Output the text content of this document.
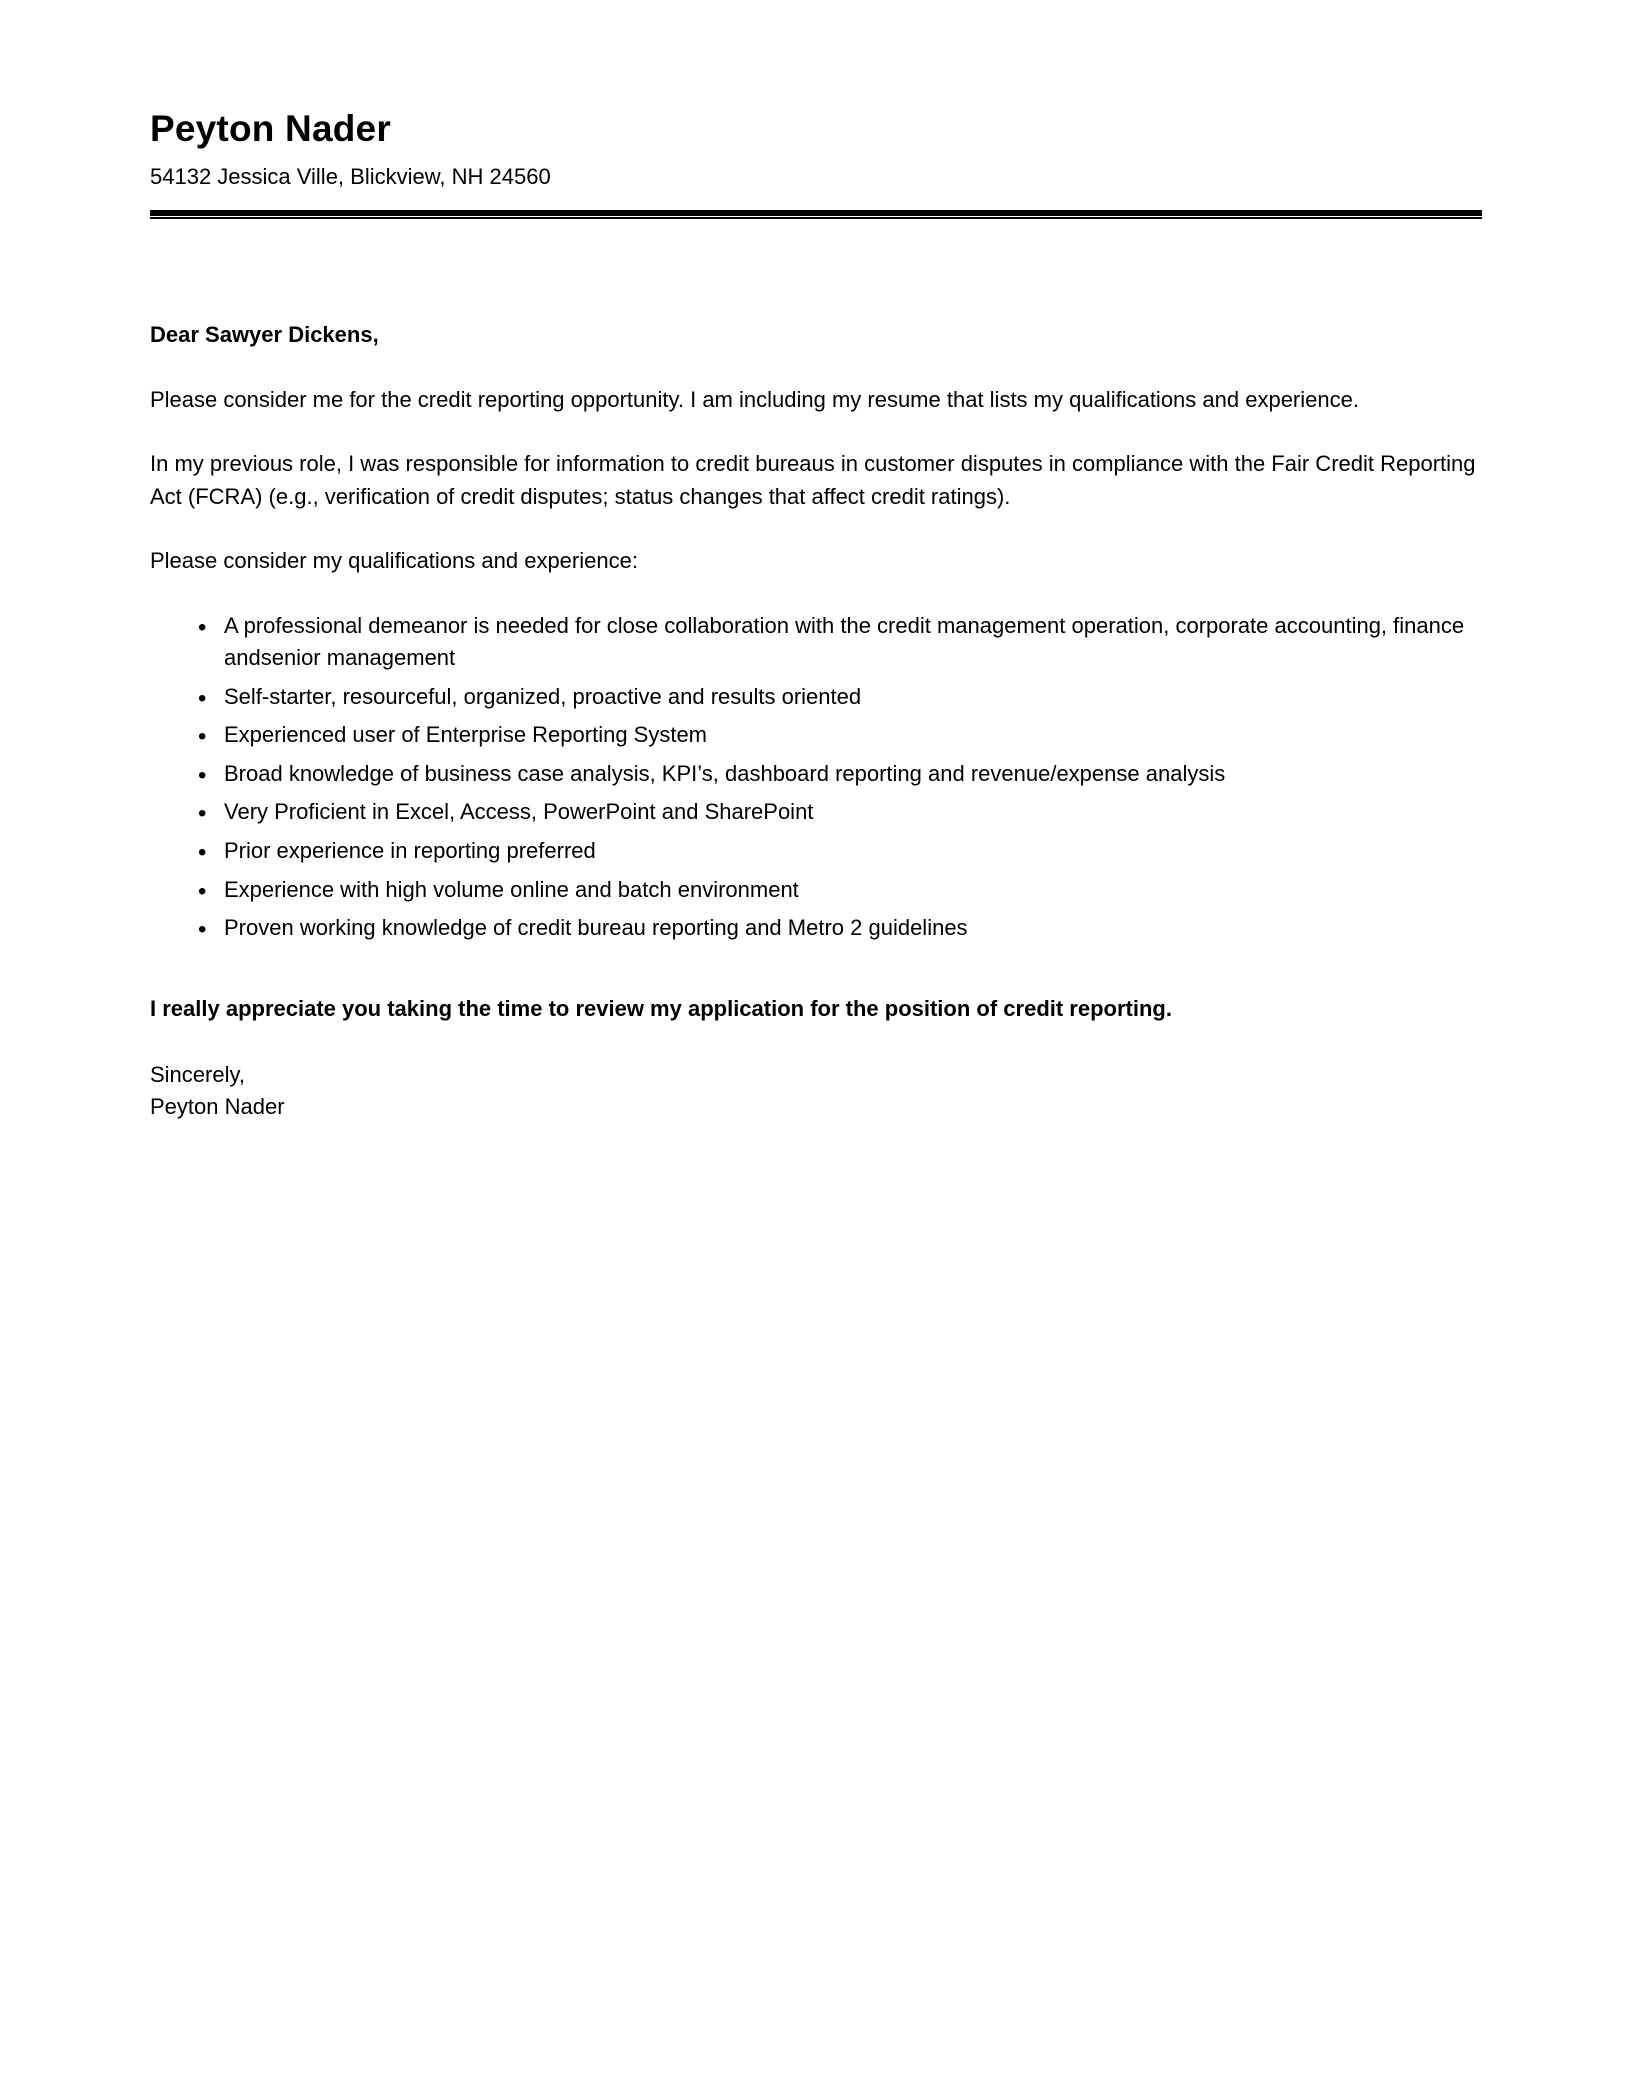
Peyton Nader
54132 Jessica Ville, Blickview, NH 24560
Dear Sawyer Dickens,

Please consider me for the credit reporting opportunity. I am including my resume that lists my qualifications and experience.

In my previous role, I was responsible for information to credit bureaus in customer disputes in compliance with the Fair Credit Reporting Act (FCRA) (e.g., verification of credit disputes; status changes that affect credit ratings).

Please consider my qualifications and experience:

• A professional demeanor is needed for close collaboration with the credit management operation, corporate accounting, finance andsenior management
• Self-starter, resourceful, organized, proactive and results oriented
• Experienced user of Enterprise Reporting System
• Broad knowledge of business case analysis, KPI’s, dashboard reporting and revenue/expense analysis
• Very Proficient in Excel, Access, PowerPoint and SharePoint
• Prior experience in reporting preferred
• Experience with high volume online and batch environment
• Proven working knowledge of credit bureau reporting and Metro 2 guidelines

I really appreciate you taking the time to review my application for the position of credit reporting.

Sincerely,
Peyton Nader
